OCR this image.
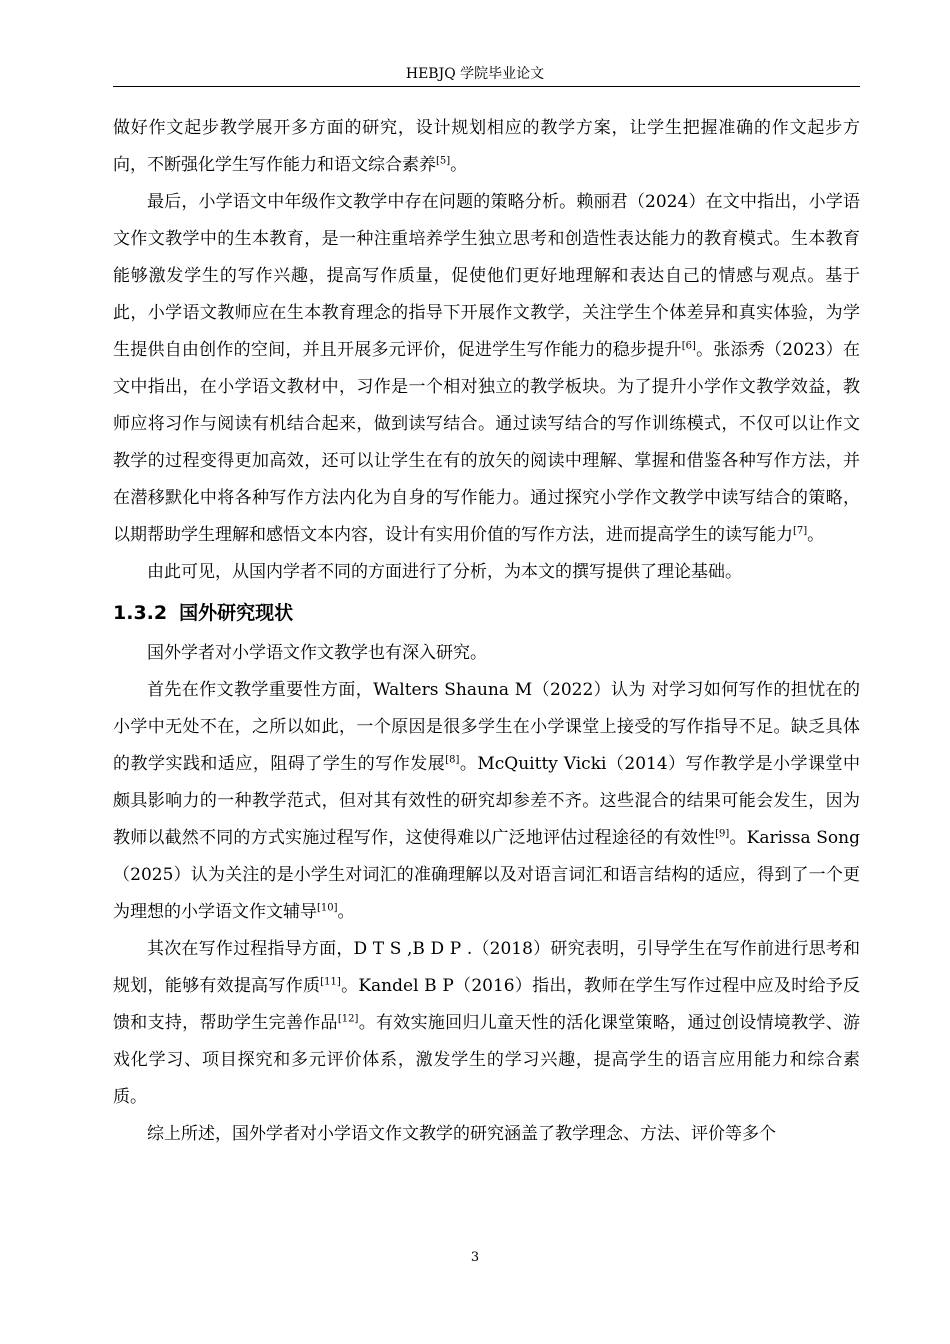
HEBJQ 学院毕业论文

做好作文起步教学展开多方面的研究，设计规划相应的教学方案，让学生把握准确的作文起步方向，不断强化学生写作能力和语文综合素养[5]。

最后，小学语文中年级作文教学中存在问题的策略分析。赖丽君（2024）在文中指出，小学语文作文教学中的生本教育，是一种注重培养学生独立思考和创造性表达能力的教育模式。生本教育能够激发学生的写作兴趣，提高写作质量，促使他们更好地理解和表达自己的情感与观点。基于此，小学语文教师应在生本教育理念的指导下开展作文教学，关注学生个体差异和真实体验，为学生提供自由创作的空间，并且开展多元评价，促进学生写作能力的稳步提升[6]。张添秀（2023）在文中指出，在小学语文教材中，习作是一个相对独立的教学板块。为了提升小学作文教学效益，教师应将习作与阅读有机结合起来，做到读写结合。通过读写结合的写作训练模式，不仅可以让作文教学的过程变得更加高效，还可以让学生在有的放矢的阅读中理解、掌握和借鉴各种写作方法，并在潜移默化中将各种写作方法内化为自身的写作能力。通过探究小学作文教学中读写结合的策略，以期帮助学生理解和感悟文本内容，设计有实用价值的写作方法，进而提高学生的读写能力[7]。

由此可见，从国内学者不同的方面进行了分析，为本文的撰写提供了理论基础。

1.3.2 国外研究现状

国外学者对小学语文作文教学也有深入研究。

首先在作文教学重要性方面，Walters Shauna M（2022）认为 对学习如何写作的担忧在的小学中无处不在，之所以如此，一个原因是很多学生在小学课堂上接受的写作指导不足。缺乏具体的教学实践和适应，阻碍了学生的写作发展[8]。McQuitty Vicki（2014）写作教学是小学课堂中颇具影响力的一种教学范式，但对其有效性的研究却参差不齐。这些混合的结果可能会发生，因为教师以截然不同的方式实施过程写作，这使得难以广泛地评估过程途径的有效性[9]。Karissa Song（2025）认为关注的是小学生对词汇的准确理解以及对语言词汇和语言结构的适应，得到了一个更为理想的小学语文作文辅导[10]。

其次在写作过程指导方面，D T S ,B D P .（2018）研究表明，引导学生在写作前进行思考和规划，能够有效提高写作质[11]。Kandel B P（2016）指出，教师在学生写作过程中应及时给予反馈和支持，帮助学生完善作品[12]。有效实施回归儿童天性的活化课堂策略，通过创设情境教学、游戏化学习、项目探究和多元评价体系，激发学生的学习兴趣，提高学生的语言应用能力和综合素质。

综上所述，国外学者对小学语文作文教学的研究涵盖了教学理念、方法、评价等多个

3
